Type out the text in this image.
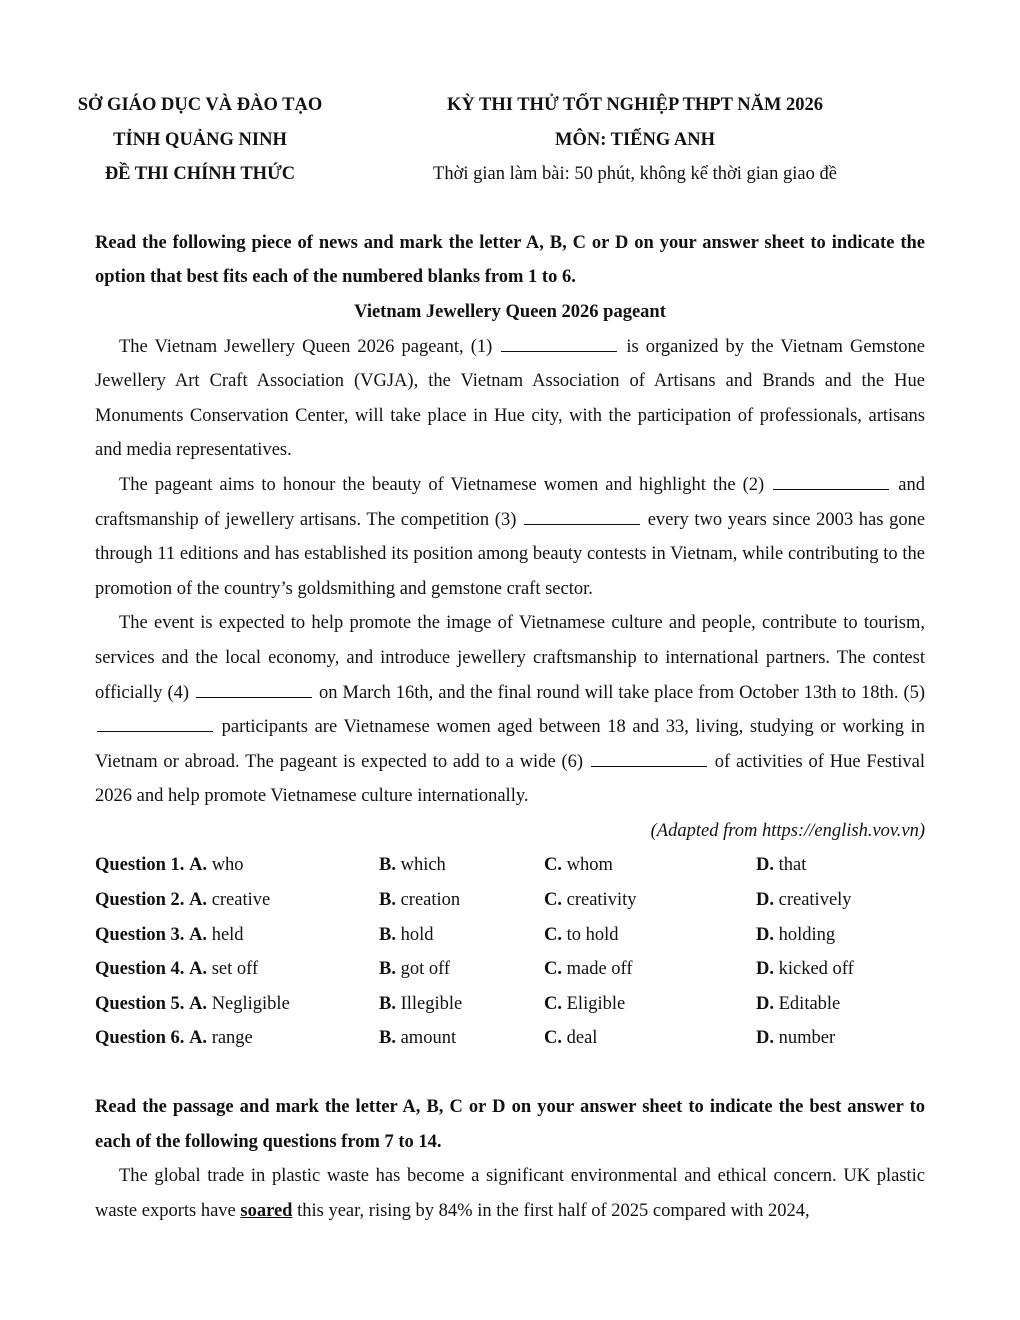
SỞ GIÁO DỤC VÀ ĐÀO TẠO
TỈNH QUẢNG NINH
ĐỀ THI CHÍNH THỨC
KỲ THI THỬ TỐT NGHIỆP THPT NĂM 2026
MÔN: TIẾNG ANH
Thời gian làm bài: 50 phút, không kể thời gian giao đề
Read the following piece of news and mark the letter A, B, C or D on your answer sheet to indicate the option that best fits each of the numbered blanks from 1 to 6.
Vietnam Jewellery Queen 2026 pageant
The Vietnam Jewellery Queen 2026 pageant, (1)	is organized by the Vietnam Gemstone Jewellery Art Craft Association (VGJA), the Vietnam Association of Artisans and Brands and the Hue Monuments Conservation Center, will take place in Hue city, with the participation of professionals, artisans and media representatives.
The pageant aims to honour the beauty of Vietnamese women and highlight the (2)	and craftsmanship of jewellery artisans. The competition (3)	every two years since 2003 has gone through 11 editions and has established its position among beauty contests in Vietnam, while contributing to the promotion of the country’s goldsmithing and gemstone craft sector.
The event is expected to help promote the image of Vietnamese culture and people, contribute to tourism, services and the local economy, and introduce jewellery craftsmanship to international partners. The contest officially (4)	on March 16th, and the final round will take place from October 13th to 18th. (5)  participants are Vietnamese women aged between 18 and 33, living, studying or working in Vietnam or abroad. The pageant is expected to add to a wide (6)	of activities of Hue Festival 2026 and help promote Vietnamese culture internationally.
(Adapted from https://english.vov.vn)
Question 1. A. who	B. which	C. whom	D. that
Question 2. A. creative	B. creation	C. creativity	D. creatively
Question 3. A. held	B. hold	C. to hold	D. holding
Question 4. A. set off	B. got off	C. made off	D. kicked off
Question 5. A. Negligible	B. Illegible	C. Eligible	D. Editable
Question 6. A. range	B. amount	C. deal	D. number
Read the passage and mark the letter A, B, C or D on your answer sheet to indicate the best answer to each of the following questions from 7 to 14.
The global trade in plastic waste has become a significant environmental and ethical concern. UK plastic waste exports have soared this year, rising by 84% in the first half of 2025 compared with 2024,
